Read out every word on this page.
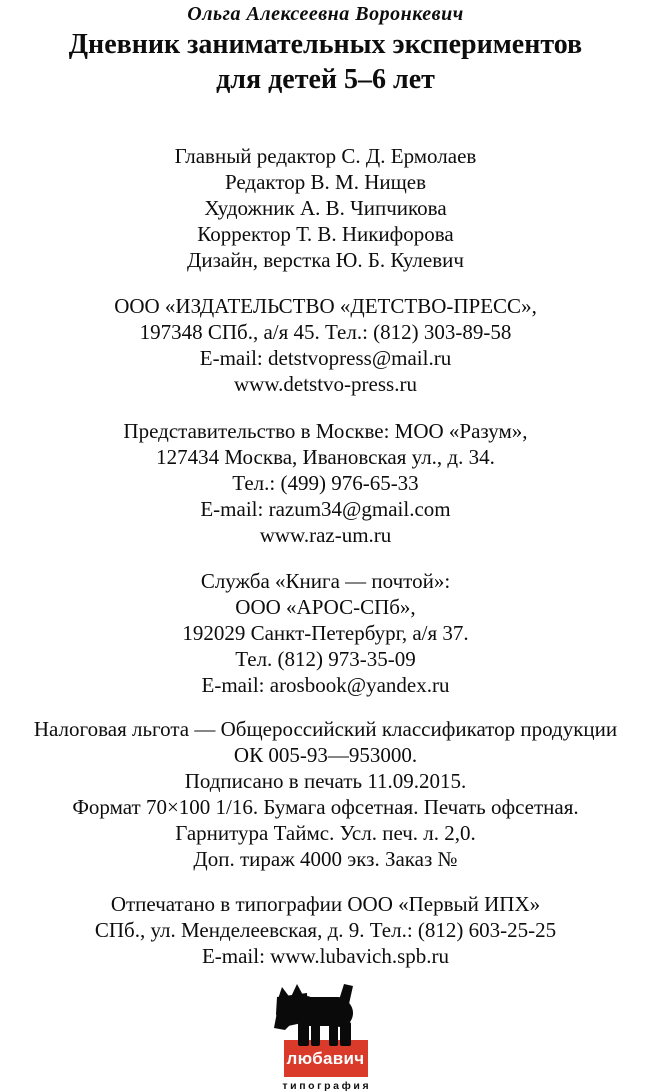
Ольга Алексеевна Воронкевич
Дневник занимательных экспериментов
для детей 5–6 лет
Главный редактор С. Д. Ермолаев
Редактор В. М. Нищев
Художник А. В. Чипчикова
Корректор Т. В. Никифорова
Дизайн, верстка Ю. Б. Кулевич
ООО «ИЗДАТЕЛЬСТВО «ДЕТСТВО-ПРЕСС»,
197348 СПб., а/я 45. Тел.: (812) 303-89-58
E-mail: detstvopress@mail.ru
www.detstvo-press.ru
Представительство в Москве: МОО «Разум»,
127434 Москва, Ивановская ул., д. 34.
Тел.: (499) 976-65-33
E-mail: razum34@gmail.com
www.raz-um.ru
Служба «Книга — почтой»:
ООО «АРОС-СПб»,
192029 Санкт-Петербург, а/я 37.
Тел. (812) 973-35-09
E-mail: arosbook@yandex.ru
Налоговая льгота — Общероссийский классификатор продукции
ОК 005-93—953000.
Подписано в печать 11.09.2015.
Формат 70×100 1/16. Бумага офсетная. Печать офсетная.
Гарнитура Таймс. Усл. печ. л. 2,0.
Доп. тираж 4000 экз. Заказ №
Отпечатано в типографии ООО «Первый ИПХ»
СПб., ул. Менделеевская, д. 9. Тел.: (812) 603-25-25
E-mail: www.lubavich.spb.ru
любавич
типография
